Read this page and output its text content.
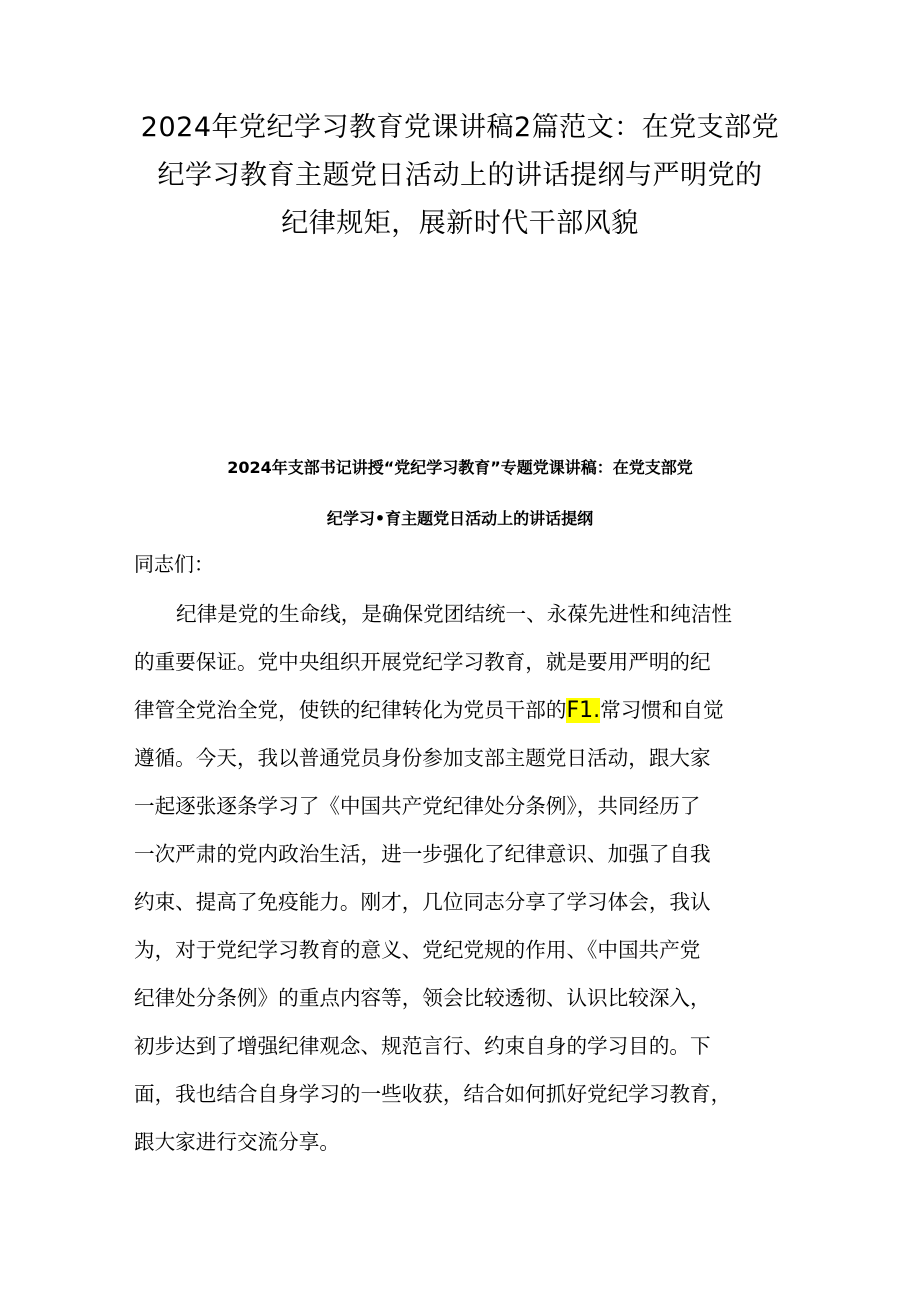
2024年党纪学习教育党课讲稿2篇范文：在党支部党
纪学习教育主题党日活动上的讲话提纲与严明党的
纪律规矩，展新时代干部风貌

2024年支部书记讲授“党纪学习教育”专题党课讲稿：在党支部党

纪学习•育主题党日活动上的讲话提纲

同志们：

纪律是党的生命线，是确保党团结统一、永葆先进性和纯洁性
的重要保证。党中央组织开展党纪学习教育，就是要用严明的纪
律管全党治全党，使铁的纪律转化为党员干部的F1.常习惯和自觉
遵循。今天，我以普通党员身份参加支部主题党日活动，跟大家
一起逐张逐条学习了《中国共产党纪律处分条例》，共同经历了
一次严肃的党内政治生活，进一步强化了纪律意识、加强了自我
约束、提高了免疫能力。刚才，几位同志分享了学习体会，我认
为，对于党纪学习教育的意义、党纪党规的作用、《中国共产党
纪律处分条例》的重点内容等，领会比较透彻、认识比较深入，
初步达到了增强纪律观念、规范言行、约束自身的学习目的。下
面，我也结合自身学习的一些收获，结合如何抓好党纪学习教育，
跟大家进行交流分享。
